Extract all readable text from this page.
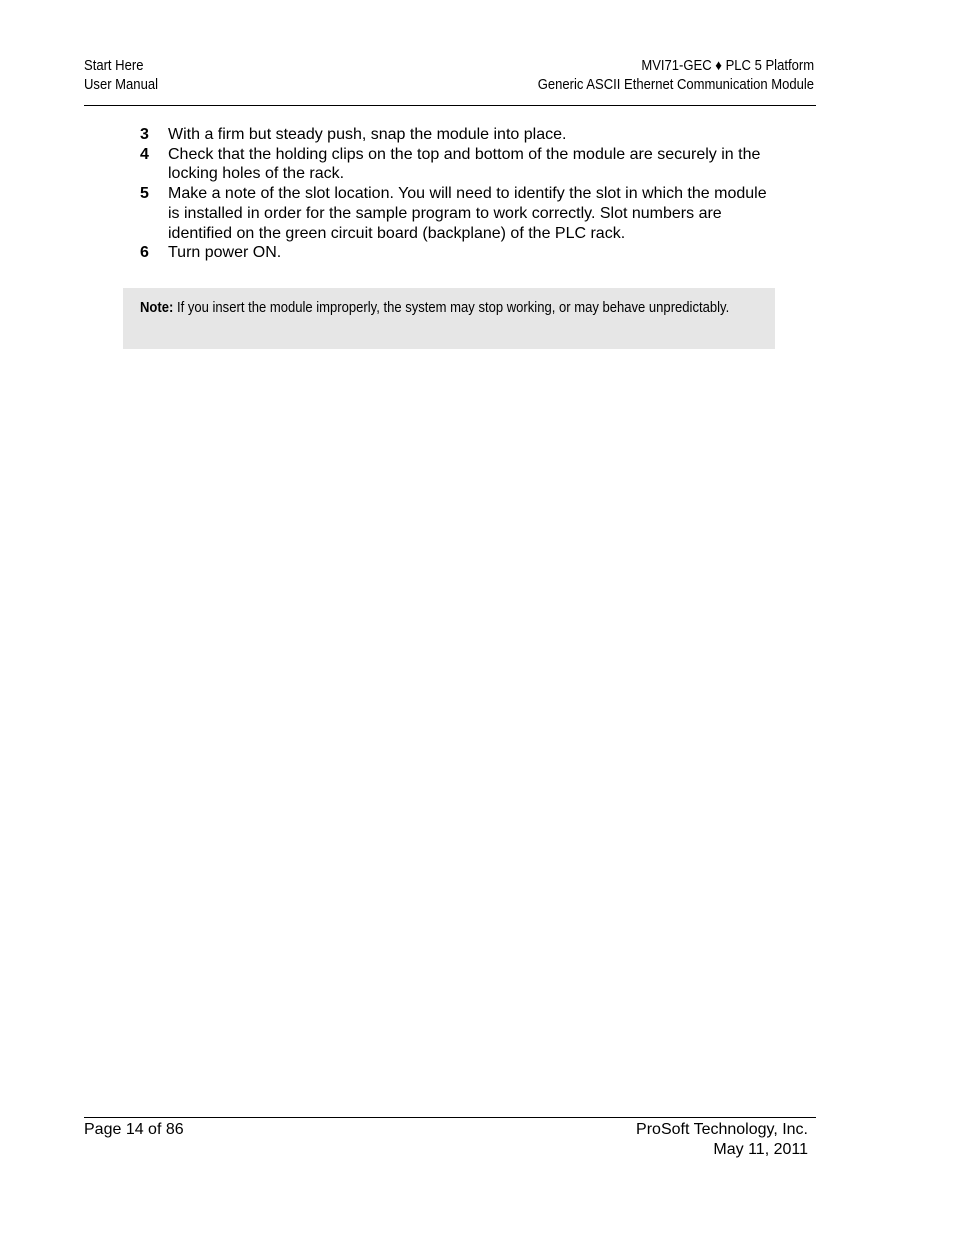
Start Here
User Manual
MVI71-GEC ♦ PLC 5 Platform
Generic ASCII Ethernet Communication Module
3	With a firm but steady push, snap the module into place.
4	Check that the holding clips on the top and bottom of the module are securely in the locking holes of the rack.
5	Make a note of the slot location. You will need to identify the slot in which the module is installed in order for the sample program to work correctly. Slot numbers are identified on the green circuit board (backplane) of the PLC rack.
6	Turn power ON.
Note: If you insert the module improperly, the system may stop working, or may behave unpredictably.
Page 14 of 86	ProSoft Technology, Inc.
May 11, 2011
